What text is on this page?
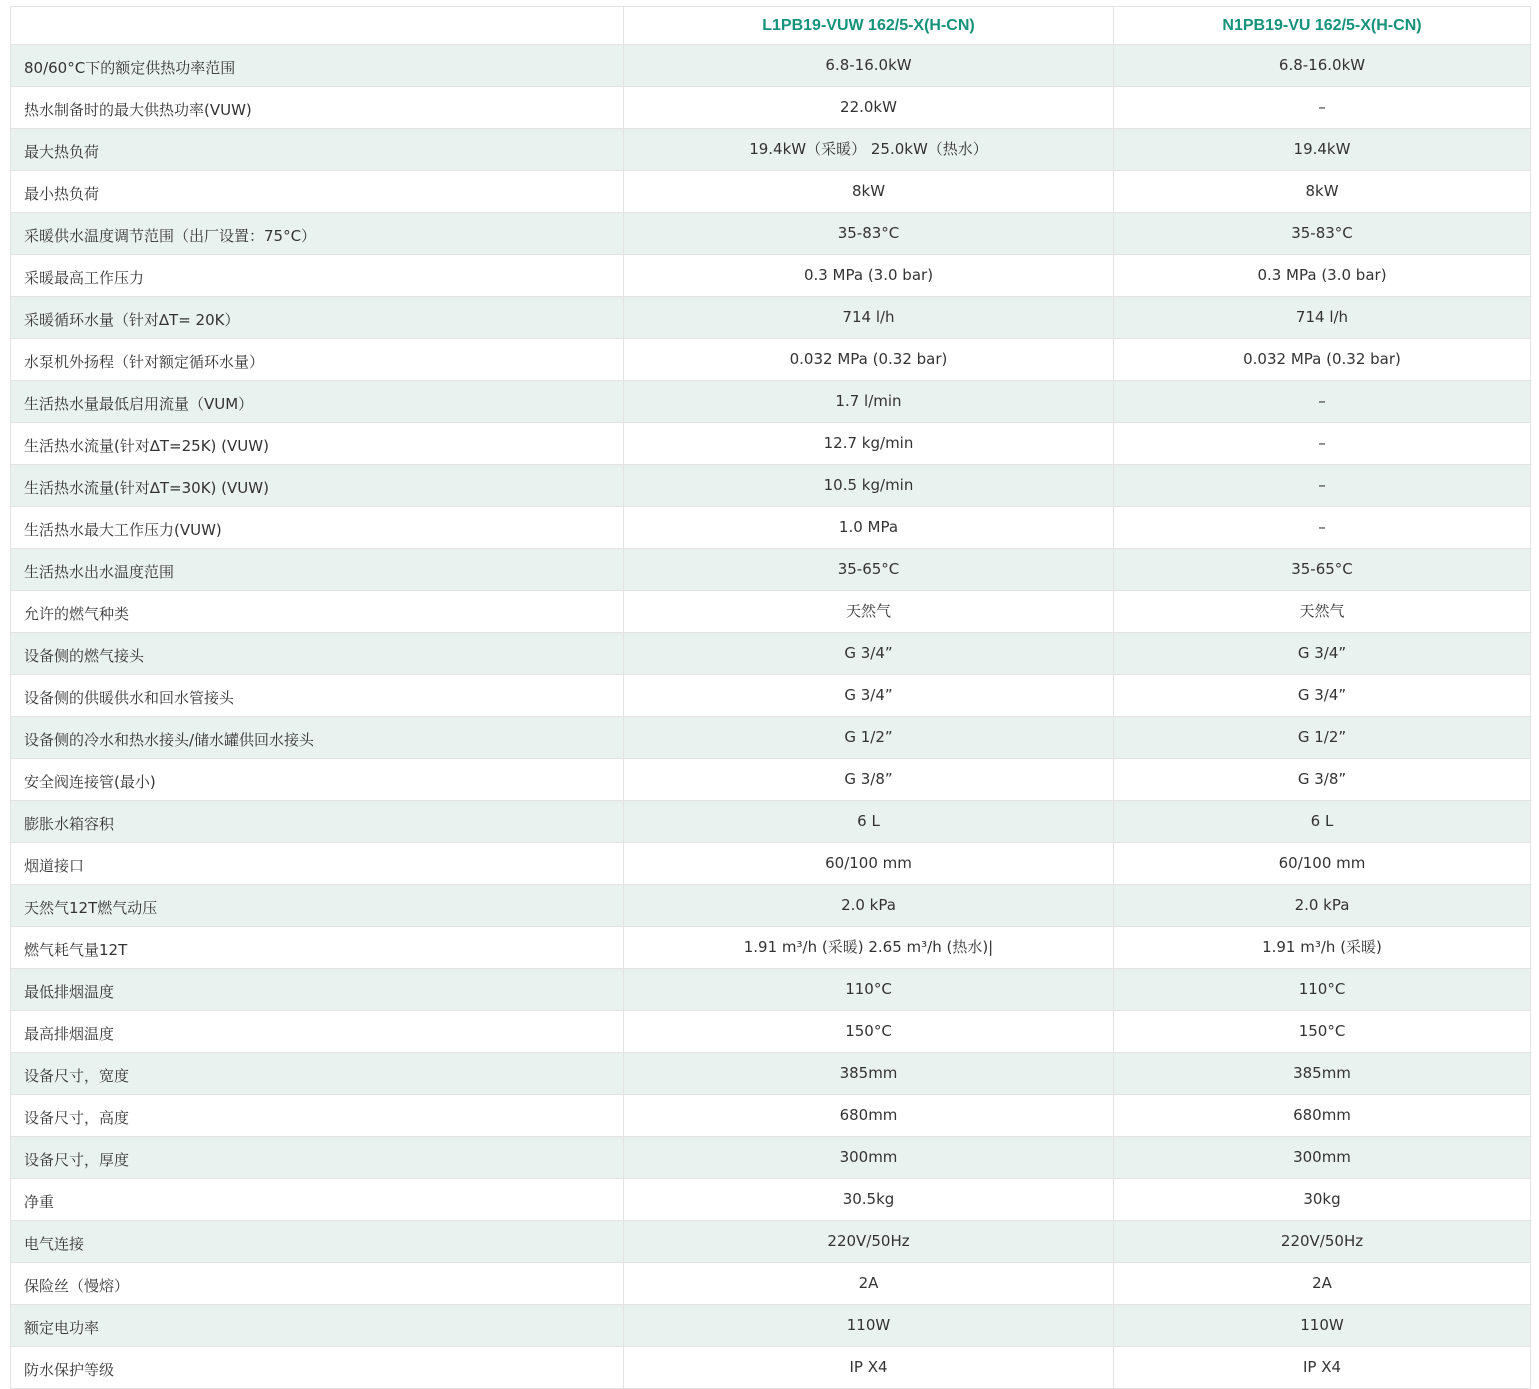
	L1PB19-VUW 162/5-X(H-CN)	N1PB19-VU 162/5-X(H-CN)
80/60°C下的额定供热功率范围	6.8-16.0kW	6.8-16.0kW
热水制备时的最大供热功率(VUW)	22.0kW	–
最大热负荷	19.4kW（采暖） 25.0kW（热水）	19.4kW
最小热负荷	8kW	8kW
采暖供水温度调节范围（出厂设置：75°C）	35-83°C	35-83°C
采暖最高工作压力	0.3 MPa (3.0 bar)	0.3 MPa (3.0 bar)
采暖循环水量（针对∆T= 20K）	714 l/h	714 l/h
水泵机外扬程（针对额定循环水量）	0.032 MPa (0.32 bar)	0.032 MPa (0.32 bar)
生活热水量最低启用流量（VUM）	1.7 l/min	–
生活热水流量(针对∆T=25K) (VUW)	12.7 kg/min	–
生活热水流量(针对∆T=30K) (VUW)	10.5 kg/min	–
生活热水最大工作压力(VUW)	1.0 MPa	–
生活热水出水温度范围	35-65°C	35-65°C
允许的燃气种类	天然气	天然气
设备侧的燃气接头	G 3/4”	G 3/4”
设备侧的供暖供水和回水管接头	G 3/4”	G 3/4”
设备侧的冷水和热水接头/储水罐供回水接头	G 1/2”	G 1/2”
安全阀连接管(最小)	G 3/8”	G 3/8”
膨胀水箱容积	6 L	6 L
烟道接口	60/100 mm	60/100 mm
天然气12T燃气动压	2.0 kPa	2.0 kPa
燃气耗气量12T	1.91 m³/h (采暖) 2.65 m³/h (热水)|	1.91 m³/h (采暖)
最低排烟温度	110°C	110°C
最高排烟温度	150°C	150°C
设备尺寸，宽度	385mm	385mm
设备尺寸，高度	680mm	680mm
设备尺寸，厚度	300mm	300mm
净重	30.5kg	30kg
电气连接	220V/50Hz	220V/50Hz
保险丝（慢熔）	2A	2A
额定电功率	110W	110W
防水保护等级	IP X4	IP X4
